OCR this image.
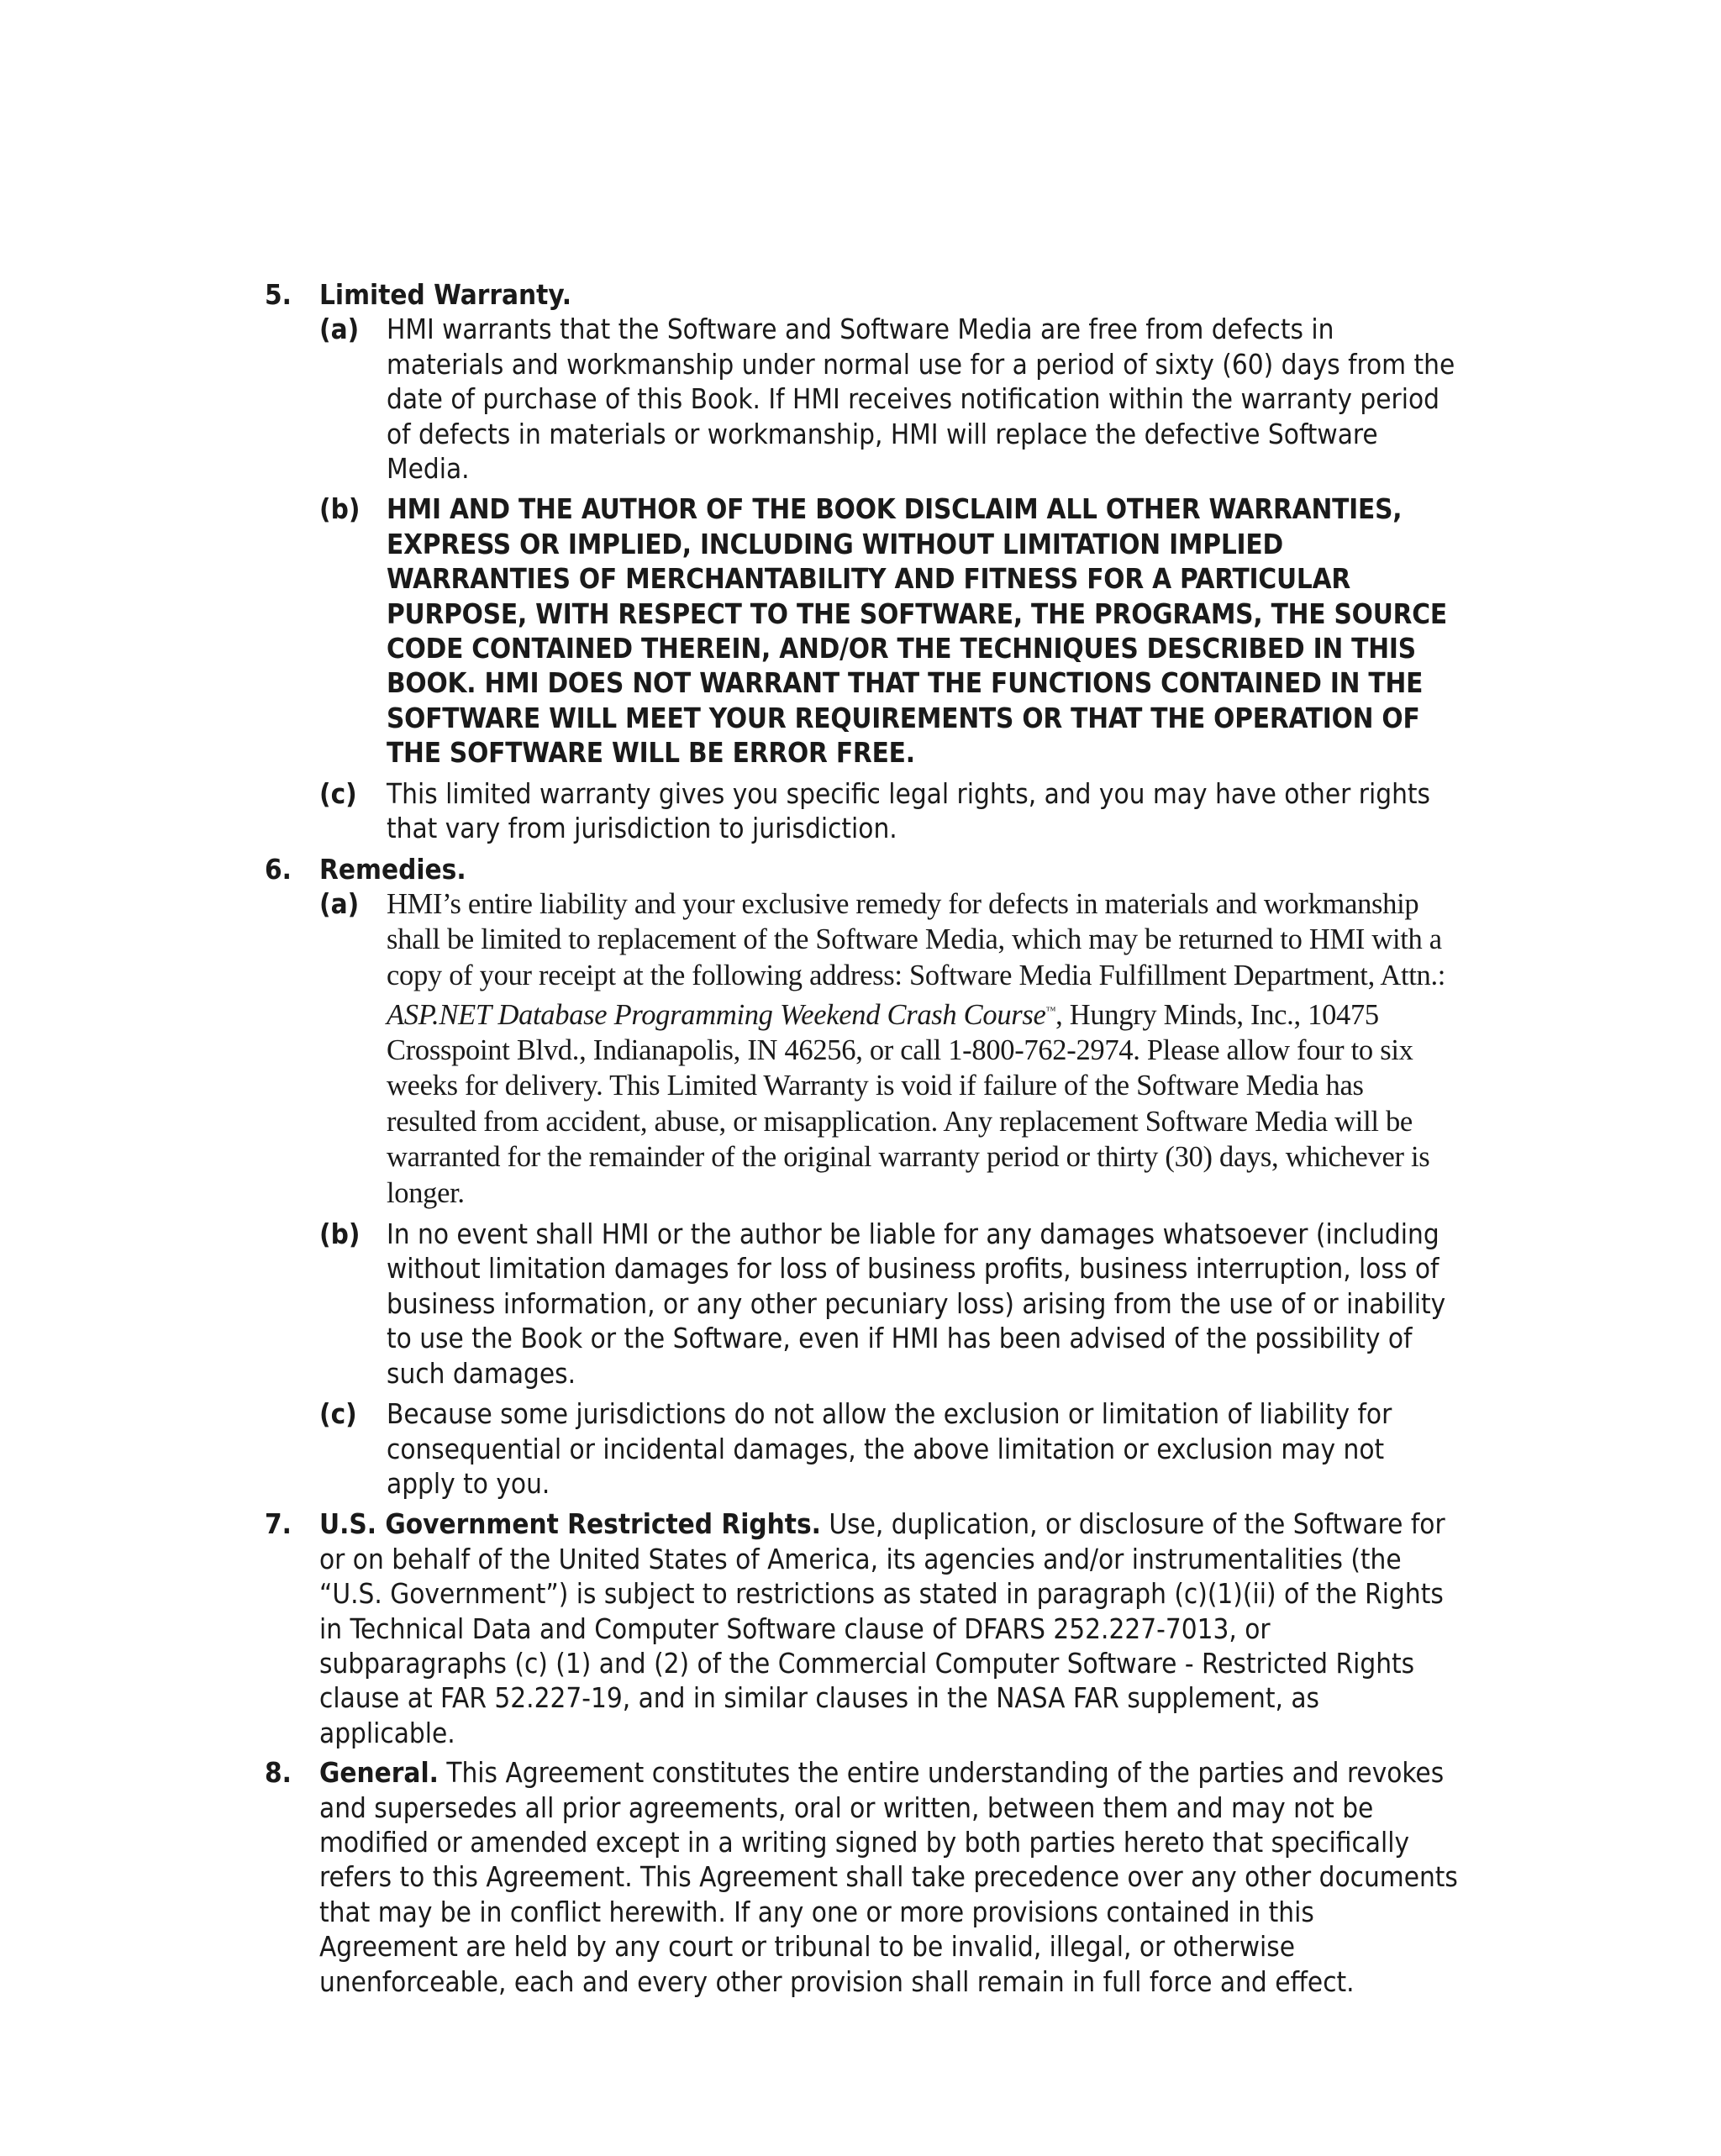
5. Limited Warranty.
(a) HMI warrants that the Software and Software Media are free from defects in materials and workmanship under normal use for a period of sixty (60) days from the date of purchase of this Book. If HMI receives notification within the warranty period of defects in materials or workmanship, HMI will replace the defective Software Media.
(b) HMI AND THE AUTHOR OF THE BOOK DISCLAIM ALL OTHER WARRANTIES, EXPRESS OR IMPLIED, INCLUDING WITHOUT LIMITATION IMPLIED WARRANTIES OF MERCHANTABILITY AND FITNESS FOR A PARTICULAR PURPOSE, WITH RESPECT TO THE SOFTWARE, THE PROGRAMS, THE SOURCE CODE CONTAINED THEREIN, AND/OR THE TECHNIQUES DESCRIBED IN THIS BOOK. HMI DOES NOT WARRANT THAT THE FUNCTIONS CONTAINED IN THE SOFTWARE WILL MEET YOUR REQUIREMENTS OR THAT THE OPERATION OF THE SOFTWARE WILL BE ERROR FREE.
(c) This limited warranty gives you specific legal rights, and you may have other rights that vary from jurisdiction to jurisdiction.
6. Remedies.
(a) HMI’s entire liability and your exclusive remedy for defects in materials and workmanship shall be limited to replacement of the Software Media, which may be returned to HMI with a copy of your receipt at the following address: Software Media Fulfillment Department, Attn.: ASP.NET Database Programming Weekend Crash Course™, Hungry Minds, Inc., 10475 Crosspoint Blvd., Indianapolis, IN 46256, or call 1-800-762-2974. Please allow four to six weeks for delivery. This Limited Warranty is void if failure of the Software Media has resulted from accident, abuse, or misapplication. Any replacement Software Media will be warranted for the remainder of the original warranty period or thirty (30) days, whichever is longer.
(b) In no event shall HMI or the author be liable for any damages whatsoever (including without limitation damages for loss of business profits, business interruption, loss of business information, or any other pecuniary loss) arising from the use of or inability to use the Book or the Software, even if HMI has been advised of the possibility of such damages.
(c) Because some jurisdictions do not allow the exclusion or limitation of liability for consequential or incidental damages, the above limitation or exclusion may not apply to you.
7. U.S. Government Restricted Rights. Use, duplication, or disclosure of the Software for or on behalf of the United States of America, its agencies and/or instrumentalities (the “U.S. Government”) is subject to restrictions as stated in paragraph (c)(1)(ii) of the Rights in Technical Data and Computer Software clause of DFARS 252.227-7013, or subparagraphs (c) (1) and (2) of the Commercial Computer Software - Restricted Rights clause at FAR 52.227-19, and in similar clauses in the NASA FAR supplement, as applicable.
8. General. This Agreement constitutes the entire understanding of the parties and revokes and supersedes all prior agreements, oral or written, between them and may not be modified or amended except in a writing signed by both parties hereto that specifically refers to this Agreement. This Agreement shall take precedence over any other documents that may be in conflict herewith. If any one or more provisions contained in this Agreement are held by any court or tribunal to be invalid, illegal, or otherwise unenforceable, each and every other provision shall remain in full force and effect.
